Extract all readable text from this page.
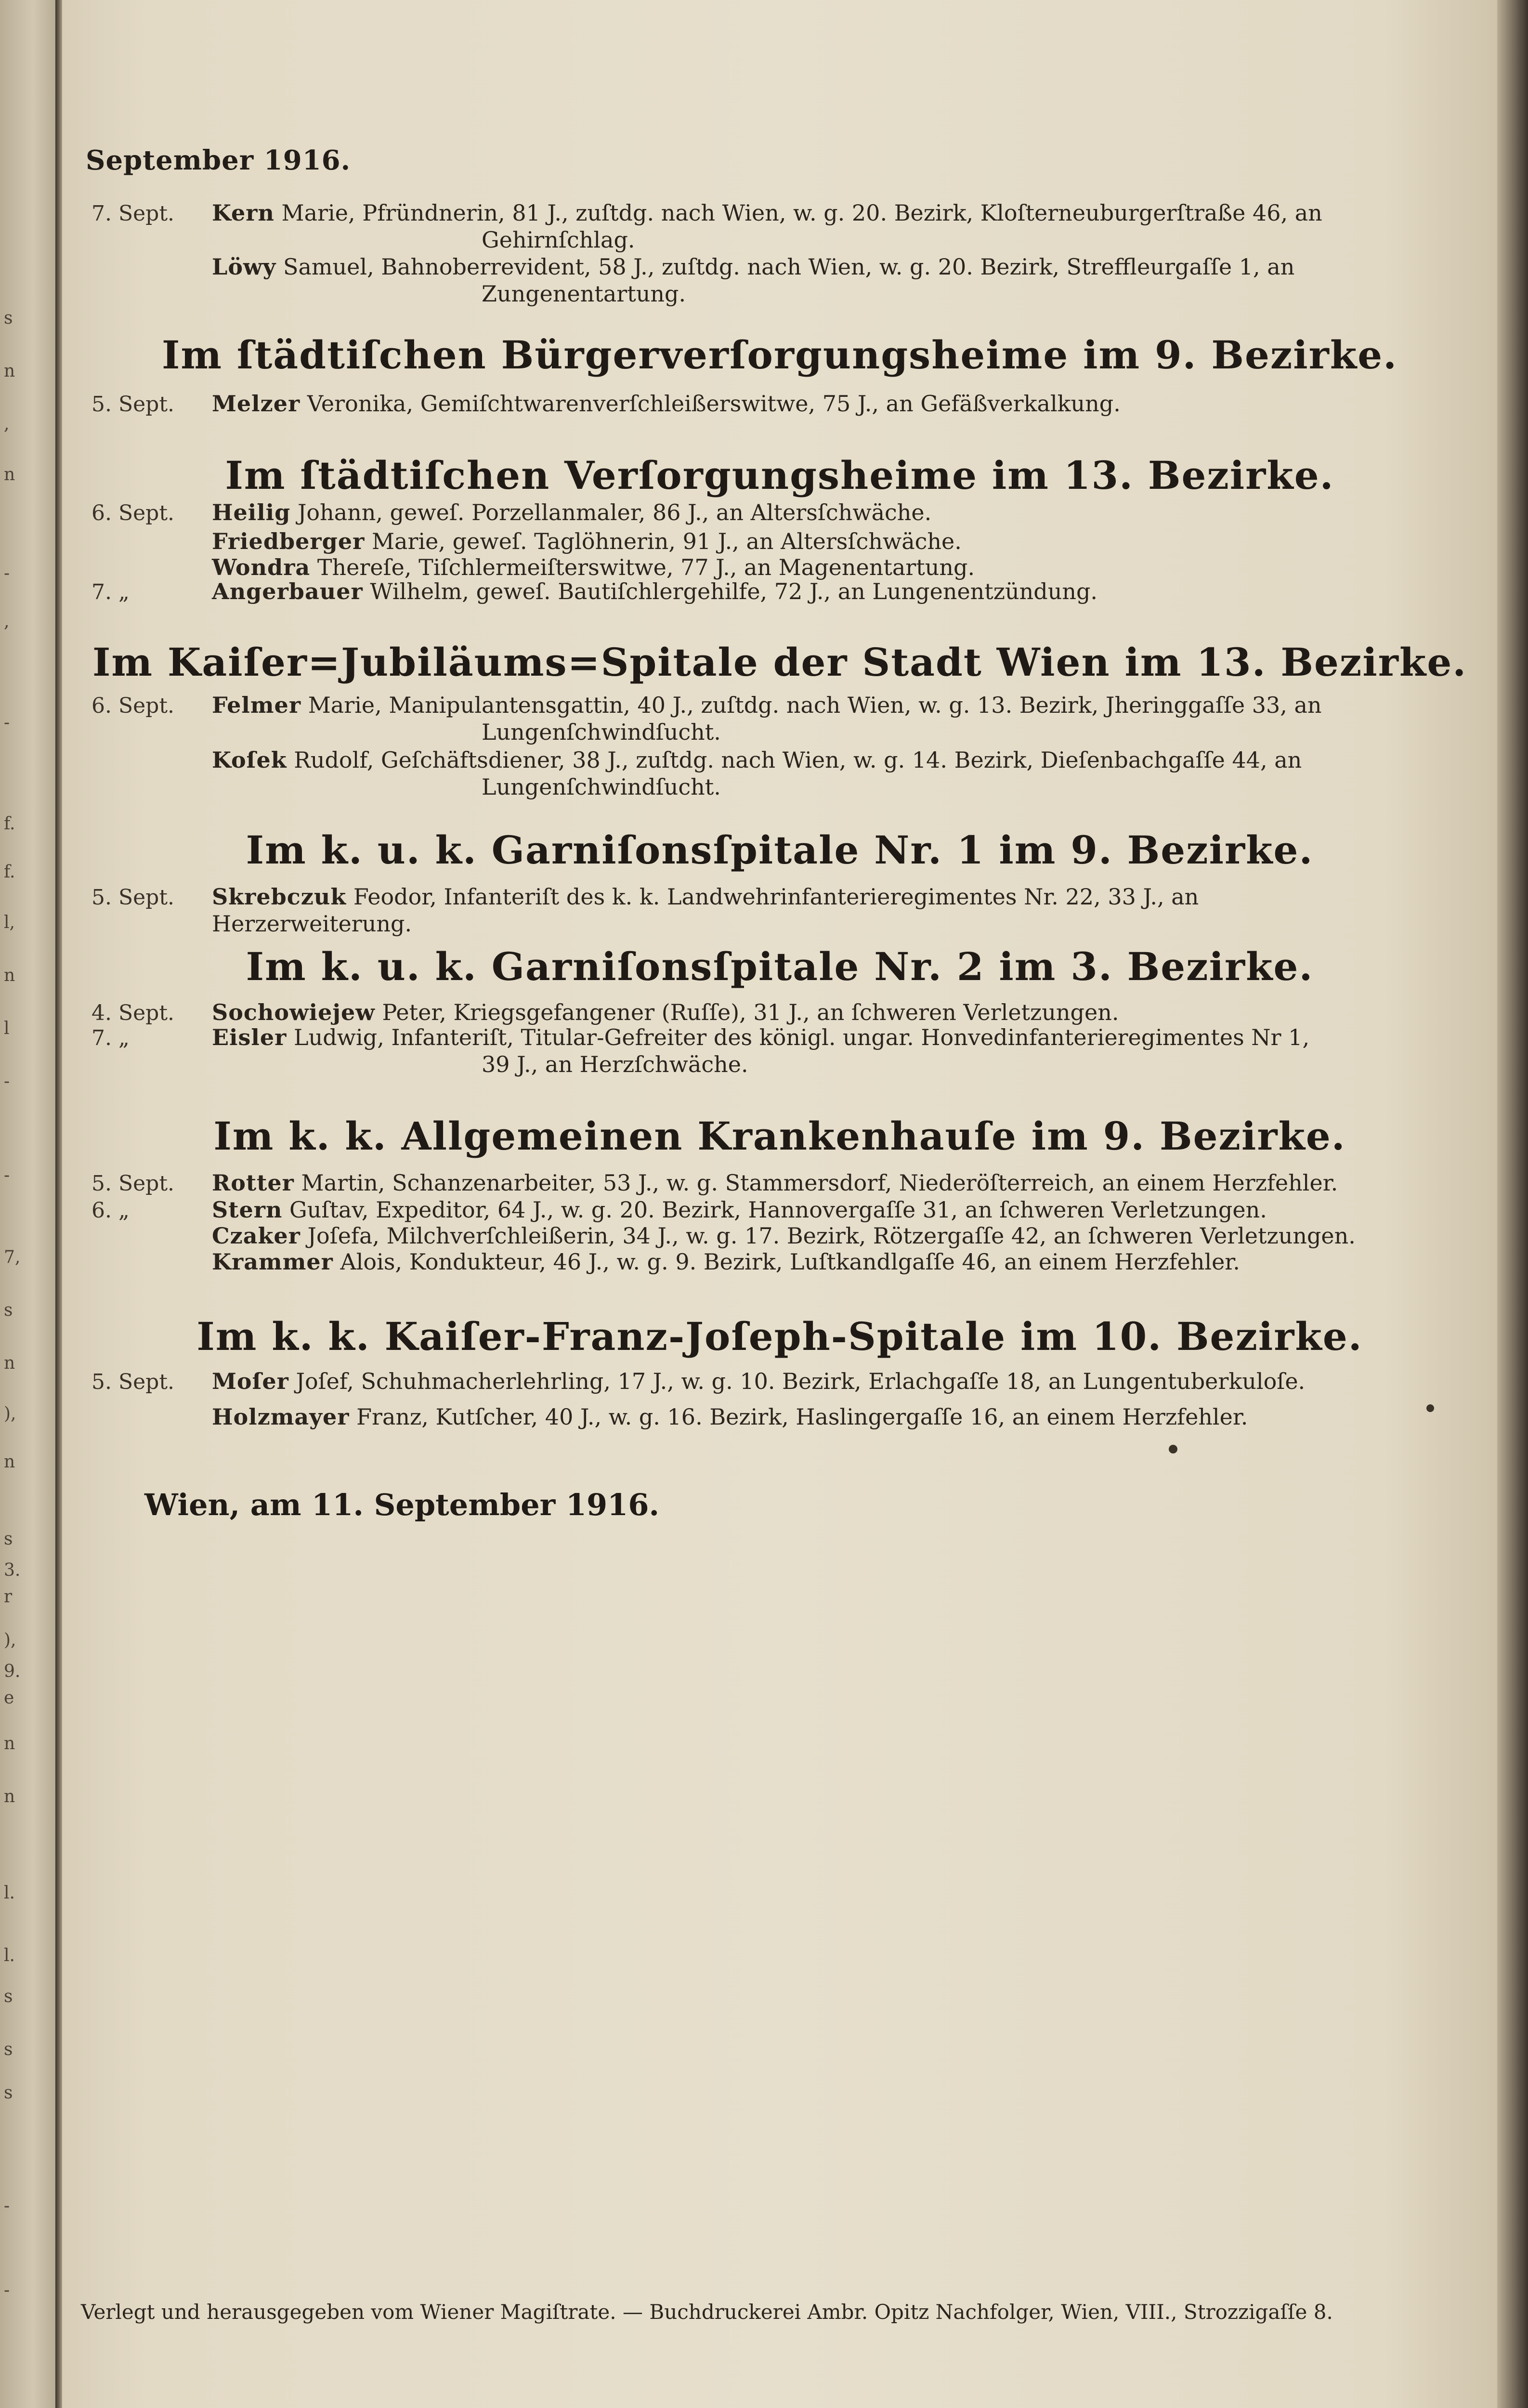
s
n
,
n
-
,
-
f.
f.
l,
n
l
-
-
7,
s
n
),
n
s
3.
r
),
9.
e
n
n
l.
l.
s
s
s
-
-
September 1916.
7. Sept. Kern Marie, Pfründnerin, 81 J., zuſtdg. nach Wien, w. g. 20. Bezirk, Kloſterneuburgerſtraße 46, an
Gehirnſchlag.
Löwy Samuel, Bahnoberrevident, 58 J., zuſtdg. nach Wien, w. g. 20. Bezirk, Streffleurgaſſe 1, an
Zungenentartung.
Im ſtädtiſchen Bürgerverſorgungsheime im 9. Bezirke.
5. Sept. Melzer Veronika, Gemiſchtwarenverſchleißerswitwe, 75 J., an Gefäßverkalkung.
Im ſtädtiſchen Verſorgungsheime im 13. Bezirke.
6. Sept. Heilig Johann, geweſ. Porzellanmaler, 86 J., an Altersſchwäche.
Friedberger Marie, geweſ. Taglöhnerin, 91 J., an Altersſchwäche.
Wondra Thereſe, Tiſchlermeiſterswitwe, 77 J., an Magenentartung.
7. „	Angerbauer Wilhelm, geweſ. Bautiſchlergehilfe, 72 J., an Lungenentzündung.
Im Kaiſer=Jubiläums=Spitale der Stadt Wien im 13. Bezirke.
6. Sept. Felmer Marie, Manipulantensgattin, 40 J., zuſtdg. nach Wien, w. g. 13. Bezirk, Jheringgaſſe 33, an
Lungenſchwindſucht.
Koſek Rudolf, Geſchäftsdiener, 38 J., zuſtdg. nach Wien, w. g. 14. Bezirk, Dieſenbachgaſſe 44, an
Lungenſchwindſucht.
Im k. u. k. Garniſonsſpitale Nr. 1 im 9. Bezirke.
5. Sept. Skrebczuk Feodor, Infanteriſt des k. k. Landwehrinfanterieregimentes Nr. 22, 33 J., an Herzerweiterung.
Im k. u. k. Garniſonsſpitale Nr. 2 im 3. Bezirke.
4. Sept. Sochowiejew Peter, Kriegsgefangener (Ruſſe), 31 J., an ſchweren Verletzungen.
7. „	Eisler Ludwig, Infanteriſt, Titular-Gefreiter des königl. ungar. Honvedinfanterieregimentes Nr 1,
39 J., an Herzſchwäche.
Im k. k. Allgemeinen Krankenhauſe im 9. Bezirke.
5. Sept. Rotter Martin, Schanzenarbeiter, 53 J., w. g. Stammersdorf, Niederöſterreich, an einem Herzfehler.
6. „	Stern Guſtav, Expeditor, 64 J., w. g. 20. Bezirk, Hannovergaſſe 31, an ſchweren Verletzungen.
Czaker Joſefa, Milchverſchleißerin, 34 J., w. g. 17. Bezirk, Rötzergaſſe 42, an ſchweren Verletzungen.
Krammer Alois, Kondukteur, 46 J., w. g. 9. Bezirk, Luſtkandlgaſſe 46, an einem Herzfehler.
Im k. k. Kaiſer-Franz-Joſeph-Spitale im 10. Bezirke.
5. Sept. Moſer Joſef, Schuhmacherlehrling, 17 J., w. g. 10. Bezirk, Erlachgaſſe 18, an Lungentuberkuloſe.
Holzmayer Franz, Kutſcher, 40 J., w. g. 16. Bezirk, Haslingergaſſe 16, an einem Herzfehler.
Wien, am 11. September 1916.
Verlegt und herausgegeben vom Wiener Magiſtrate. — Buchdruckerei Ambr. Opitz Nachfolger, Wien, VIII., Strozzigaſſe 8.
